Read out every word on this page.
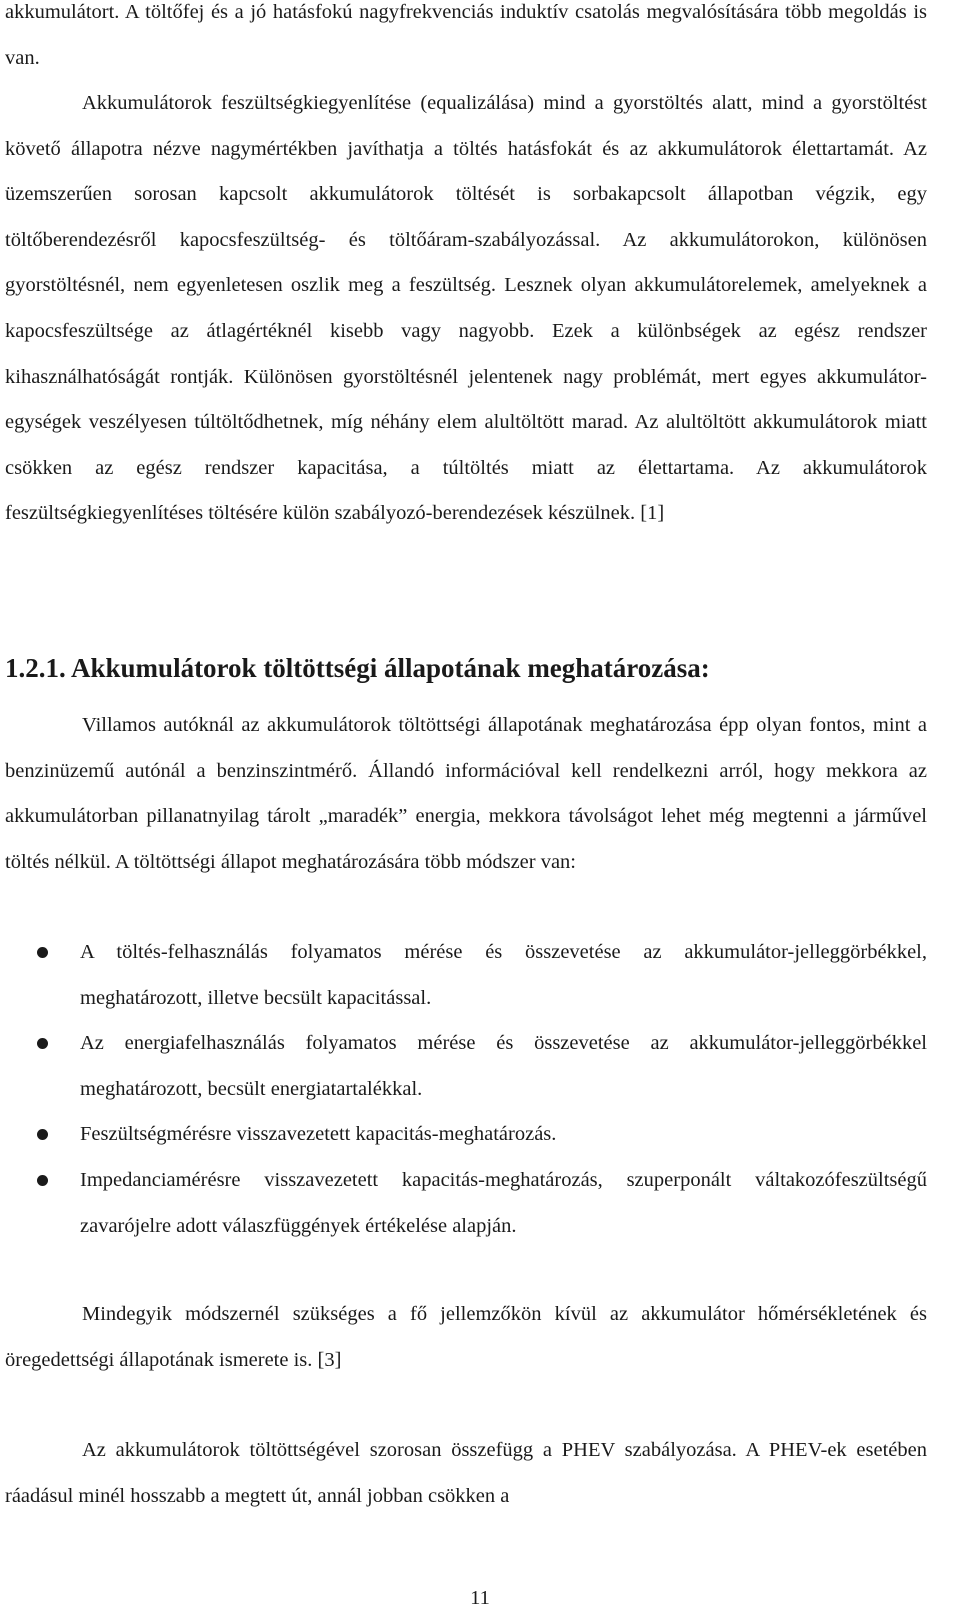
akkumulátort. A töltőfej és a jó hatásfokú nagyfrekvenciás induktív csatolás megvalósítására több megoldás is van.

Akkumulátorok feszültségkiegyenlítése (equalizálása) mind a gyorstöltés alatt, mind a gyorstöltést követő állapotra nézve nagymértékben javíthatja a töltés hatásfokát és az akkumulátorok élettartamát. Az üzemszerűen sorosan kapcsolt akkumulátorok töltését is sorbakapcsolt állapotban végzik, egy töltőberendezésről kapocsfeszültség- és töltőáram-szabályozással. Az akkumulátorokon, különösen gyorstöltésnél, nem egyenletesen oszlik meg a feszültség. Lesznek olyan akkumulátorelemek, amelyeknek a kapocsfeszültsége az átlagértéknél kisebb vagy nagyobb. Ezek a különbségek az egész rendszer kihasználhatóságát rontják. Különösen gyorstöltésnél jelentenek nagy problémát, mert egyes akkumulátor-egységek veszélyesen túltöltődhetnek, míg néhány elem alultöltött marad. Az alultöltött akkumulátorok miatt csökken az egész rendszer kapacitása, a túltöltés miatt az élettartama. Az akkumulátorok feszültségkiegyenlítéses töltésére külön szabályozó-berendezések készülnek. [1]

1.2.1. Akkumulátorok töltöttségi állapotának meghatározása:

Villamos autóknál az akkumulátorok töltöttségi állapotának meghatározása épp olyan fontos, mint a benzinüzemű autónál a benzinszintmérő. Állandó információval kell rendelkezni arról, hogy mekkora az akkumulátorban pillanatnyilag tárolt „maradék” energia, mekkora távolságot lehet még megtenni a járművel töltés nélkül. A töltöttségi állapot meghatározására több módszer van:

A töltés-felhasználás folyamatos mérése és összevetése az akkumulátor-jelleggörbékkel, meghatározott, illetve becsült kapacitással.
Az energiafelhasználás folyamatos mérése és összevetése az akkumulátor-jelleggörbékkel meghatározott, becsült energiatartalékkal.
Feszültségmérésre visszavezetett kapacitás-meghatározás.
Impedanciamérésre visszavezetett kapacitás-meghatározás, szuperponált váltakozófeszültségű zavarójelre adott válaszfüggények értékelése alapján.

Mindegyik módszernél szükséges a fő jellemzőkön kívül az akkumulátor hőmérsékletének és öregedettségi állapotának ismerete is. [3]

Az akkumulátorok töltöttségével szorosan összefügg a PHEV szabályozása. A PHEV-ek esetében ráadásul minél hosszabb a megtett út, annál jobban csökken a

11
